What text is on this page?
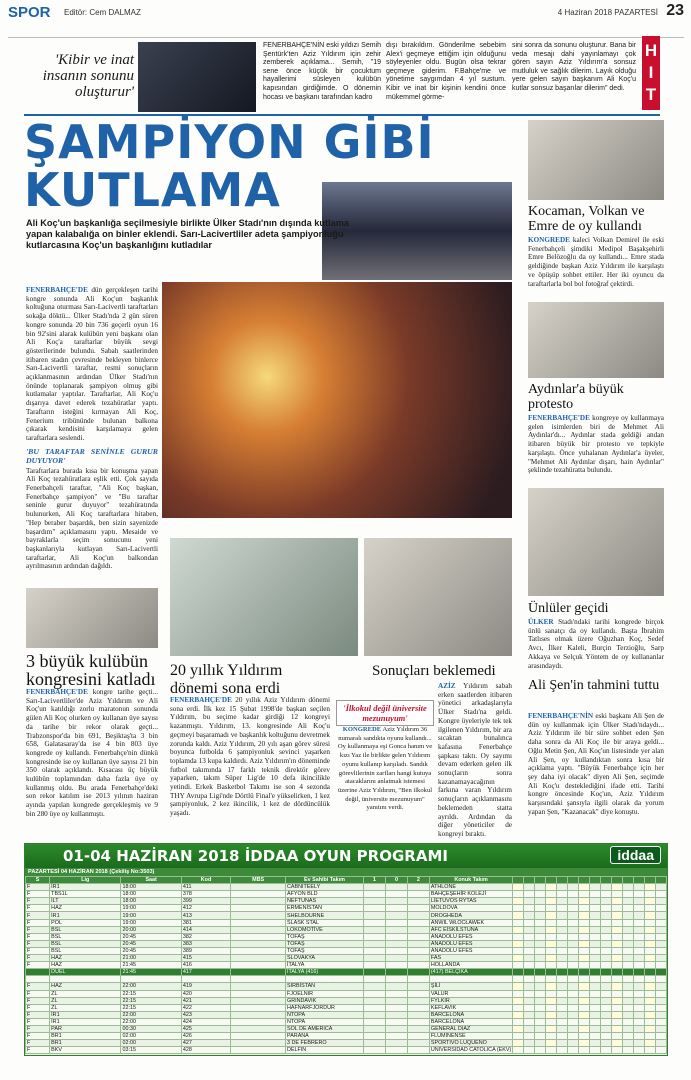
SPOR Editör: Cem DALMAZ	4 Haziran 2018 PAZARTESİ 23
H
I
T
'Kibir ve inat insanın sonunu oluşturur'
FENERBAHÇE'NİN eski yıldızı Semih Şentürk'ten Aziz Yıldırım için zehir zemberek açıklama... Semih, "19 sene önce küçük bir çocuktum hayallerimi süsleyen kulübün kapısından girdiğimde. O dönemin hocası ve başkanı tarafından kadro
dışı bırakıldım. Gönderilme sebebim Alex'i geçmeye ettiğim için olduğunu söyleyenler oldu. Bugün olsa tekrar geçmeye giderim. F.Bahçe'me ve yönetime saygımdan 4 yıl sustum. Kibir ve inat bir kişinin kendini önce mükemmel görme-
sini sonra da sonunu oluşturur. Bana bir veda mesajı dahi yayınlamayı çok gören sayın Aziz Yıldırım'a sonsuz mutluluk ve sağlık dilerim. Layık olduğu yere gelen sayın başkanım Ali Koç'u kutlar sonsuz başarılar dilerim" dedi.
ŞAMPİYON GİBİ
KUTLAMA
Ali Koç'un başkanlığa seçilmesiyle birlikte Ülker Stadı'nın dışında kutlama yapan kalabalığa on binler eklendi. Sarı-Lacivertliler adeta şampiyonluğu kutlarcasına Koç'un başkanlığını kutladılar
FENERBAHÇE'DE dün gerçekleşen tarihi kongre sonunda Ali Koç'un başkanlık koltuğuna oturması Sarı-Lacivertli taraftarları sokağa döktü... Ülker Stadı'nda 2 gün süren kongre sonunda 20 bin 736 geçerli oyun 16 bin 92'sini alarak kulübün yeni başkanı olan Ali Koç'a taraftarlar büyük sevgi gösterilerinde bulundu. Sabah saatlerinden itibaren stadın çevresinde bekleyen binlerce Sarı-Lacivertli taraftar, resmi sonuçların açıklanmasının ardından Ülker Stadı'nın önünde toplanarak şampiyon olmuş gibi kutlamalar yaptılar. Taraftarlar, Ali Koç'u dışarıya davet ederek tezahüratlar yaptı. Taraftarın isteğini kırmayan Ali Koç, Fenerium tribününde bulunan balkona çıkarak kendisini karşılamaya gelen taraftarlara seslendi.
'BU TARAFTAR SENİNLE GURUR DUYUYOR'
Taraftarlara burada kısa bir konuşma yapan Ali Koç tezahüratlara eşlik etti. Çok sayıda Fenerbahçeli taraftar, "Ali Koç başkan, Fenerbahçe şampiyon" ve "Bu taraftar seninle gurur duyuyor" tezahüratında bulunurken, Ali Koç taraftarlara hitaben, "Hep beraber başardık, ben sizin sayenizde başardım" açıklamasını yaptı. Mesaide ve bayraklarla seçim sonucunu yeni başkanlarıyla kutlayan Sarı-Lacivertli taraftarlar, Ali Koç'un balkondan ayrılmasının ardından dağıldı.
3 büyük kulübün kongresini katladı
FENERBAHÇE'DE kongre tarihe geçti... Sarı-Lacivertliler'de Aziz Yıldırım ve Ali Koç'un katıldığı zorlu maratonun sonunda gülen Ali Koç olurken oy kullanan üye sayısı da tarihe bir rekor olarak geçti... Trabzonspor'da bin 691, Beşiktaş'ta 3 bin 658, Galatasaray'da ise 4 bin 803 üye kongrede oy kullandı. Fenerbahçe'nin dünkü kongresinde ise oy kullanan üye sayısı 21 bin 350 olarak açıklandı. Kısacası üç büyük kulübün toplamından daha fazla üye oy kullanmış oldu. Bu arada Fenerbahçe'deki son rekor katılım ise 2013 yılının haziran ayında yapılan kongrede gerçekleşmiş ve 9 bin 280 üye oy kullanmıştı.
20 yıllık Yıldırım dönemi sona erdi
FENERBAHÇE'DE 20 yıllık Aziz Yıldırım dönemi sona erdi. İlk kez 15 Şubat 1998'de başkan seçilen Yıldırım, bu seçime kadar girdiği 12 kongreyi kazanmıştı. Yıldırım, 13. kongresinde Ali Koç'u geçmeyi başaramadı ve başkanlık koltuğunu devretmek zorunda kaldı. Aziz Yıldırım, 20 yılı aşan görev süresi boyunca futbolda 6 şampiyonluk sevinci yaşarken toplamda 13 kupa kaldırdı. Aziz Yıldırım'ın döneminde futbol takımında 17 farklı teknik direktör görev yaparken, takım Süper Lig'de 10 defa ikincilikle yetindi. Erkek Basketbol Takımı ise son 4 sezonda THY Avrupa Ligi'nde Dörtlü Final'e yükselirken, 1 kez şampiyonluk, 2 kez ikincilik, 1 kez de dördüncülük yaşadı.
Sonuçları beklemedi
AZİZ Yıldırım sabah erken saatlerden itibaren yönetici arkadaşlarıyla Ülker Stadı'na geldi. Kongre üyeleriyle tek tek ilgilenen Yıldırım, bir ara sıcaktan bunalınca kafasına Fenerbahçe şapkası taktı. Oy sayımı devam ederken gelen ilk sonuçların sonra kazanamayacağının farkına varan Yıldırım sonuçların açıklanmasını beklemeden statta ayrıldı. Ardından da diğer yöneticiler de kongreyi bıraktı.
'İlkokul değil üniversite mezunuyum'
KONGREDE Aziz Yıldırım 36 numaralı sandıkta oyunu kullandı... Oy kullanmaya eşi Gonca hanım ve kızı Yaz ile birlikte gelen Yıldırım oyunu kullanıp karşıladı. Sandık görevlilerinin zarfları hangi kutuya atacaklarını anlatmak istemesi üzerine Aziz Yıldırım, "Ben ilkokul değil, üniversite mezunuyum" yanıtını verdi.
Kocaman, Volkan ve Emre de oy kullandı
KONGREDE kaleci Volkan Demirel ile eski Fenerbahçeli şimdiki Medipol Başakşehirli Emre Belözoğlu da oy kullandı... Emre stada geldiğinde başkan Aziz Yıldırım ile karşılaştı ve öpüşüp sohbet ettiler. Her iki oyuncu da taraftarlarla bol bol fotoğraf çektirdi.
Aydınlar'a büyük protesto
FENERBAHÇE'DE kongreye oy kullanmaya gelen isimlerden biri de Mehmet Ali Aydınlar'dı... Aydınlar stada geldiği andan itibaren büyük bir protesto ve tepkiyle karşılaştı. Önce yuhalanan Aydınlar'a üyeler, "Mehmet Ali Aydınlar dışarı, hain Aydınlar" şeklinde tezahüratta bulundu.
Ünlüler geçidi
ÜLKER Stadı'ndaki tarihi kongrede birçok ünlü sanatçı da oy kullandı. Başta İbrahim Tatlıses olmak üzere Oğuzhan Koç, Sedef Avcı, İlker Kaleli, Burçin Terzioğlu, Sarp Akkaya ve Selçuk Yöntem de oy kullananlar arasındaydı.
Ali Şen'in tahmini tuttu
FENERBAHÇE'NİN eski başkanı Ali Şen de dün oy kullanmak için Ülker Stadı'ndaydı... Aziz Yıldırım ile bir süre sohbet eden Şen daha sonra da Ali Koç ile bir araya geldi... Oğlu Metin Şen, Ali Koç'un listesinde yer alan Ali Şen, oy kullandıktan sonra kısa bir açıklama yaptı. "Büyük Fenerbahçe için her şey daha iyi olacak" diyen Ali Şen, seçimde Ali Koç'u desteklediğini ifade etti. Tarihi kongre öncesinde Koç'un, Aziz Yıldırım karşısındaki şansıyla ilgili olarak da yorum yapan Şen, "Kazanacak" diye konuştu.
01-04 HAZİRAN 2018 İDDAA OYUN PROGRAMI	iddaa
PAZARTESİ 04 HAZİRAN 2018 (Çekiliş No:3503)
S	Lig	Saat	Kod	MBS	Ev Sahibi Takım	1	0	2	Konuk Takım														
F	İR1	18:00	411		CABNITEELY				ATHLONE														
F	TBS1L	18:00	378		AFYON BLD				BAHÇEŞEHİR KOLEJİ														
F	İLT	18:00	399		NEFTUNAS				LİETUVOS RYTAS														
F	HAZ	19:00	412		ERMENİSTAN				MOLDOVA														
F	İR1	19:00	413		SHELBOURNE				DROGHEDA														
F	POL	19:00	381		ŚLASK STAL				ANWIL WŁOCŁAWEK														
F	BSL	20:00	414		LOKOMOTİVE				AFC EİSKİLSTUNA														
F	BSL	20:45	382		TOFAŞ				ANADOLU EFES														
F	BSL	20:45	383		TOFAŞ				ANADOLU EFES														
F	BSL	20:45	389		TOFAŞ				ANADOLU EFES														
F	HAZ	21:00	415		SLOVAKYA				FAS														
F	HAZ	21:45	416		İTALYA				HOLLANDA														
	DUEL	21:45	417		İTALYA (416)				(417) BELÇİKA														
	DUEL	21:45	418		HOLLANDA (416)				(419) BRİSTAN														
F	HAZ	22:00	419		SIRBİSTAN				ŞİLİ														
F	ZL	22:15	420		FJOELNIR				VALUR														
F	ZL	22:15	421		GRINDAVIK				FYLKIR														
F	ZL	22:15	422		HAFNARFJORDUR				KEFLAVIK														
F	İR1	22:00	423		NTOPA				BARCELONA														
F	İR1	22:00	424		NTOPA				BARCELONA														
F	PAR	00:30	425		SOL DE AMERICA				GENERAL DIAZ														
F	BR1	02:00	426		PARANA				FLUMINENSE														
F	BR1	02:00	427		3 DE FEBRERO				SPORTIVO LUQUENO														
F	BKV	03:15	428		DELFIN				UNIVERSIDAD CATOLICA (EKV)														
